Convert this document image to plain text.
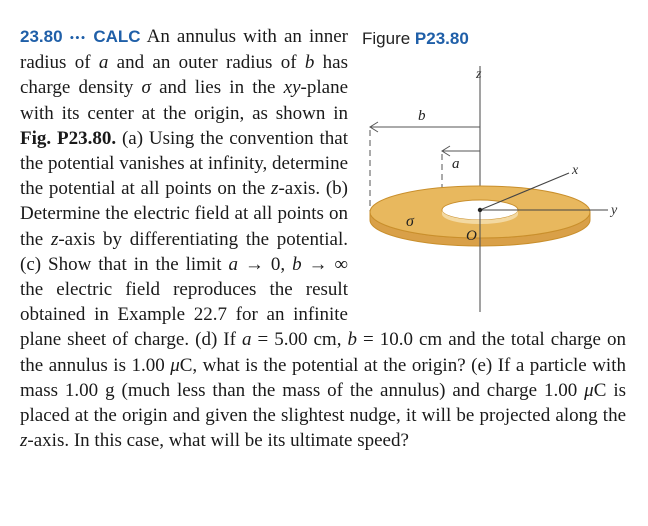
Figure P23.80
z
b
a	x
y
O
σ

23.80 ••• CALC An annulus with an inner radius of a and an outer radius of b has charge density σ and lies in the xy-plane with its center at the origin, as shown in Fig. P23.80. (a) Using the convention that the potential vanishes at infinity, determine the potential at all points on the z-axis. (b) Determine the electric field at all points on the z-axis by differentiating the potential. (c) Show that in the limit a → 0, b → ∞ the electric field reproduces the result obtained in Example 22.7 for an infinite plane sheet of charge. (d) If a = 5.00 cm, b = 10.0 cm and the total charge on the annulus is 1.00 μC, what is the potential at the origin? (e) If a particle with mass 1.00 g (much less than the mass of the annulus) and charge 1.00 μC is placed at the origin and given the slightest nudge, it will be projected along the z-axis. In this case, what will be its ultimate speed?
